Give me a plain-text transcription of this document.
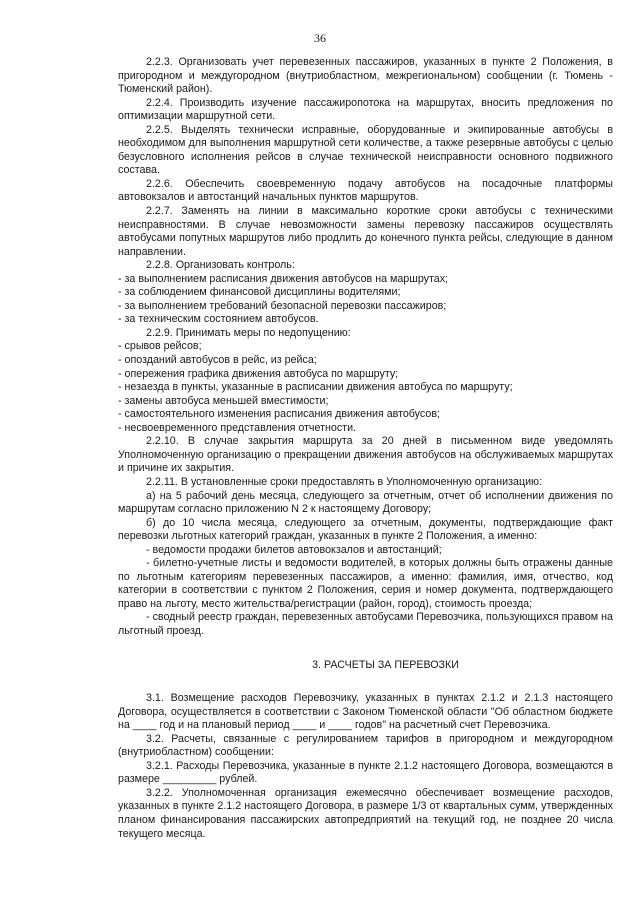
36

2.2.3. Организовать учет перевезенных пассажиров, указанных в пункте 2 Положения, в пригородном и междугородном (внутриобластном, межрегиональном) сообщении (г. Тюмень - Тюменский район).

2.2.4. Производить изучение пассажиропотока на маршрутах, вносить предложения по оптимизации маршрутной сети.

2.2.5. Выделять технически исправные, оборудованные и экипированные автобусы в необходимом для выполнения маршрутной сети количестве, а также резервные автобусы с целью безусловного исполнения рейсов в случае технической неисправности основного подвижного состава.

2.2.6. Обеспечить своевременную подачу автобусов на посадочные платформы автовокзалов и автостанций начальных пунктов маршрутов.

2.2.7. Заменять на линии в максимально короткие сроки автобусы с техническими неисправностями. В случае невозможности замены перевозку пассажиров осуществлять автобусами попутных маршрутов либо продлить до конечного пункта рейсы, следующие в данном направлении.

2.2.8. Организовать контроль:

- за выполнением расписания движения автобусов на маршрутах;

- за соблюдением финансовой дисциплины водителями;

- за выполнением требований безопасной перевозки пассажиров;

- за техническим состоянием автобусов.

2.2.9. Принимать меры по недопущению:

- срывов рейсов;

- опозданий автобусов в рейс, из рейса;

- опережения графика движения автобуса по маршруту;

- незаезда в пункты, указанные в расписании движения автобуса по маршруту;

- замены автобуса меньшей вместимости;

- самостоятельного изменения расписания движения автобусов;

- несвоевременного представления отчетности.

2.2.10. В случае закрытия маршрута за 20 дней в письменном виде уведомлять Уполномоченную организацию о прекращении движения автобусов на обслуживаемых маршрутах и причине их закрытия.

2.2.11. В установленные сроки предоставлять в Уполномоченную организацию:

а) на 5 рабочий день месяца, следующего за отчетным, отчет об исполнении движения по маршрутам согласно приложению N 2 к настоящему Договору;

б) до 10 числа месяца, следующего за отчетным, документы, подтверждающие факт перевозки льготных категорий граждан, указанных в пункте 2 Положения, а именно:

- ведомости продажи билетов автовокзалов и автостанций;

- билетно-учетные листы и ведомости водителей, в которых должны быть отражены данные по льготным категориям перевезенных пассажиров, а именно: фамилия, имя, отчество, код категории в соответствии с пунктом 2 Положения, серия и номер документа, подтверждающего право на льготу, место жительства/регистрации (район, город), стоимость проезда;

- сводный реестр граждан, перевезенных автобусами Перевозчика, пользующихся правом на льготный проезд.

3. РАСЧЕТЫ ЗА ПЕРЕВОЗКИ

3.1. Возмещение расходов Перевозчику, указанных в пунктах 2.1.2 и 2.1.3 настоящего Договора, осуществляется в соответствии с Законом Тюменской области "Об областном бюджете на ____ год и на плановый период ____ и ____ годов" на расчетный счет Перевозчика.

3.2. Расчеты, связанные с регулированием тарифов в пригородном и междугородном (внутриобластном) сообщении:

3.2.1. Расходы Перевозчика, указанные в пункте 2.1.2 настоящего Договора, возмещаются в размере _________ рублей.

3.2.2. Уполномоченная организация ежемесячно обеспечивает возмещение расходов, указанных в пункте 2.1.2 настоящего Договора, в размере 1/3 от квартальных сумм, утвержденных планом финансирования пассажирских автопредприятий на текущий год, не позднее 20 числа текущего месяца.
